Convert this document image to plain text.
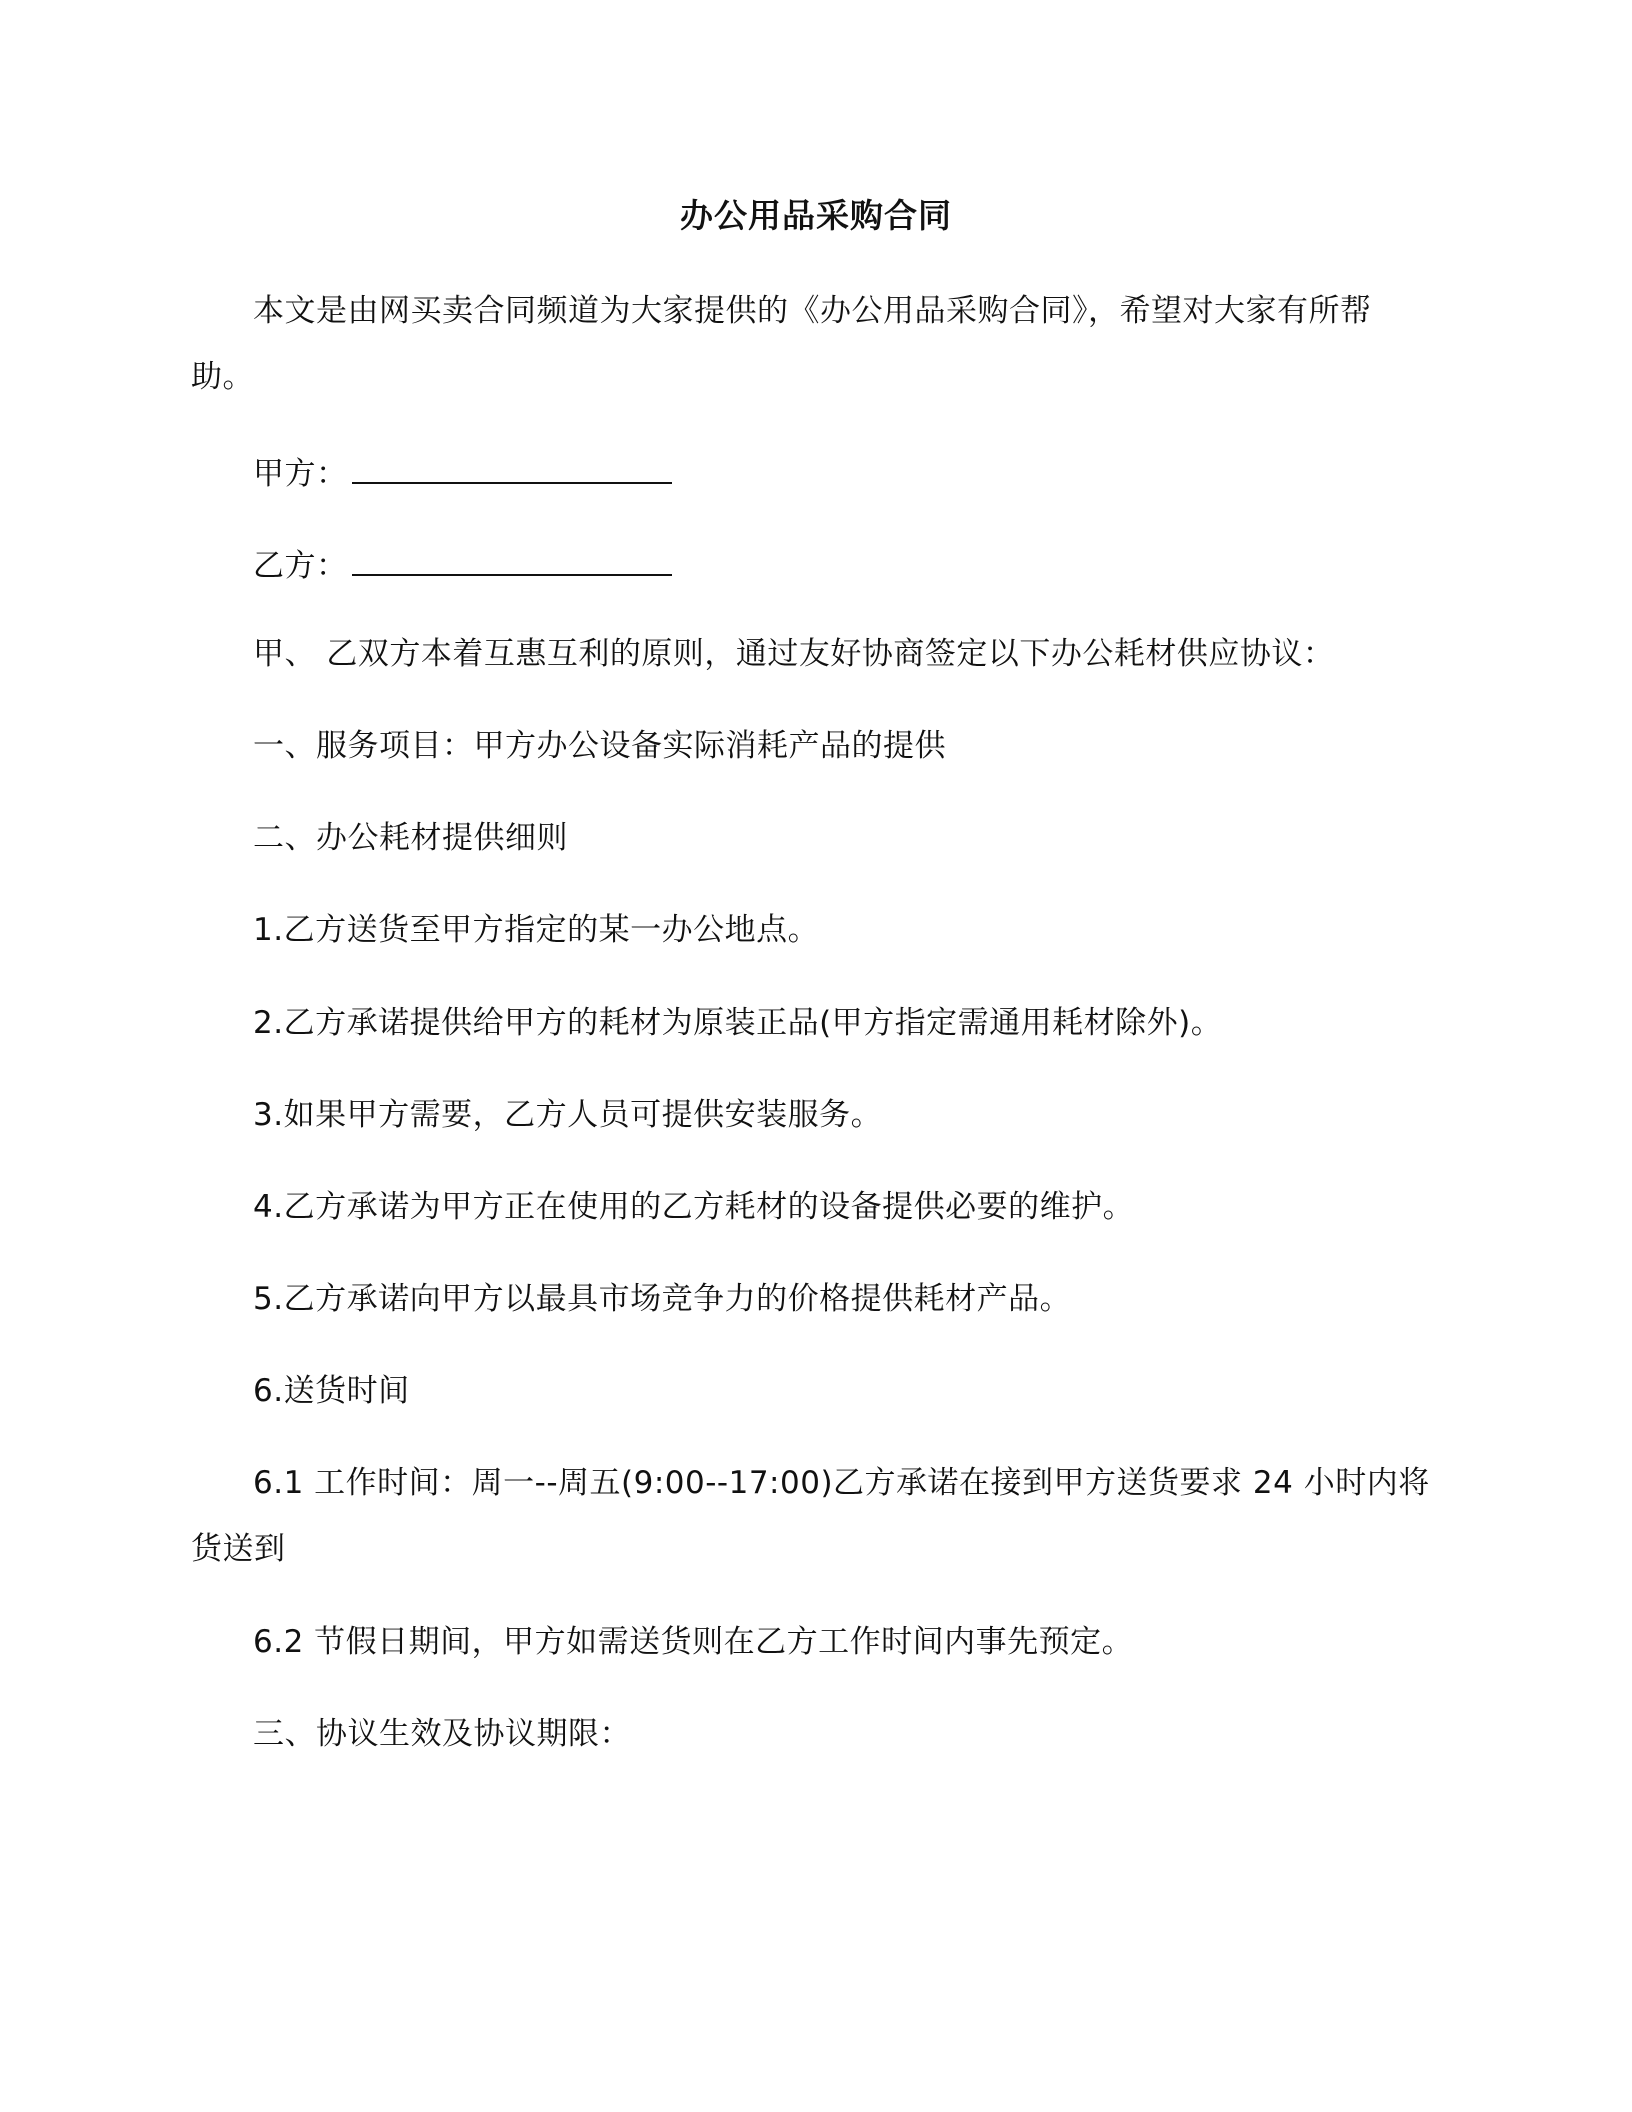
办公用品采购合同
本文是由网买卖合同频道为大家提供的《办公用品采购合同》，希望对大家有所帮
助。
甲方：
乙方：
甲、 乙双方本着互惠互利的原则，通过友好协商签定以下办公耗材供应协议：
一、服务项目：甲方办公设备实际消耗产品的提供
二、办公耗材提供细则
1.乙方送货至甲方指定的某一办公地点。
2.乙方承诺提供给甲方的耗材为原装正品(甲方指定需通用耗材除外)。
3.如果甲方需要，乙方人员可提供安装服务。
4.乙方承诺为甲方正在使用的乙方耗材的设备提供必要的维护。
5.乙方承诺向甲方以最具市场竞争力的价格提供耗材产品。
6.送货时间
6.1 工作时间：周一--周五(9:00--17:00)乙方承诺在接到甲方送货要求 24 小时内将
货送到
6.2 节假日期间，甲方如需送货则在乙方工作时间内事先预定。
三、协议生效及协议期限：
